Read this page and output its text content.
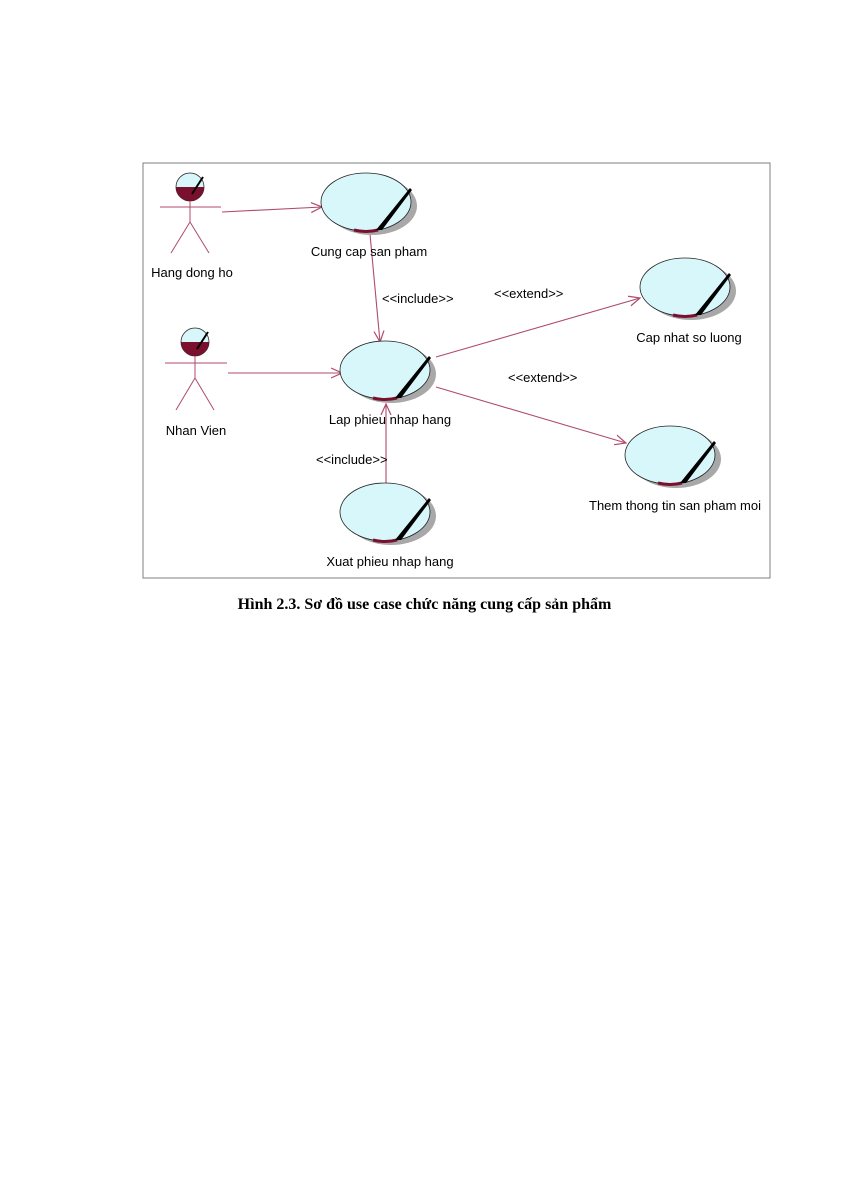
<<include>>
<<include>>
<<extend>>
<<extend>>
Cung cap san pham
Cap nhat so luong
Lap phieu nhap hang
Them thong tin san pham moi
Xuat phieu nhap hang
Hang dong ho
Nhan Vien
Hình 2.3. Sơ đồ use case chức năng cung cấp sản phẩm
